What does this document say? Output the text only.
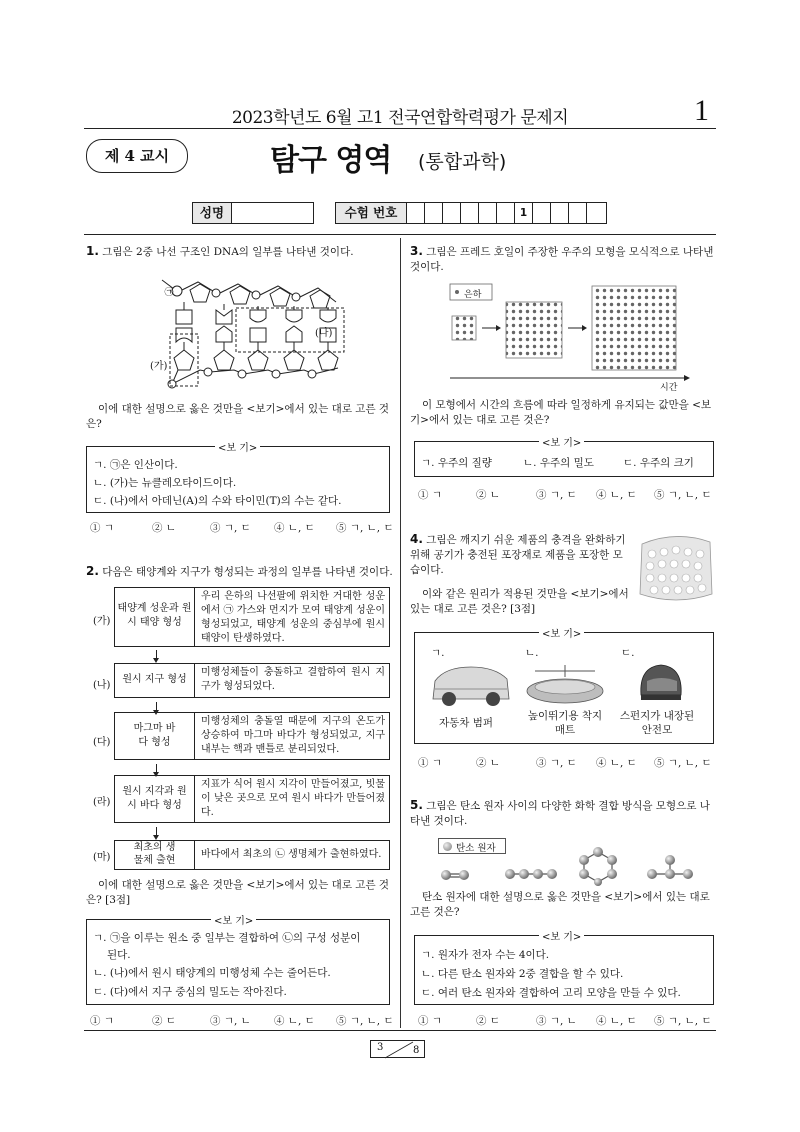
2023학년도 6월 고1 전국연합학력평가 문제지	1
제 4 교시	탐구 영역 (통합과학)
성명	수험 번호	1
1. 그림은 2중 나선 구조인 DNA의 일부를 나타낸 것이다.
㉠
(나)
(가)
이에 대한 설명으로 옳은 것만을 <보기>에서 있는 대로 고른 것은?
<보 기>
ㄱ. ㉠은 인산이다.
ㄴ. (가)는 뉴클레오타이드이다.
ㄷ. (나)에서 아데닌(A)의 수와 타이민(T)의 수는 같다.
① ㄱ	② ㄴ	③ ㄱ, ㄷ ④ ㄴ, ㄷ ⑤ ㄱ, ㄴ, ㄷ
2. 다음은 태양계와 지구가 형성되는 과정의 일부를 나타낸 것이다.
(가)
태양계 성운과 원시 태양 형성
우리 은하의 나선팔에 위치한 거대한 성운에서 ㉠ 가스와 먼지가 모여 태양계 성운이 형성되었고, 태양계 성운의 중심부에 원시 태양이 탄생하였다.
(나)
원시 지구 형성
미행성체들이 충돌하고 결합하여 원시 지구가 형성되었다.
(다)
마그마 바다 형성
미행성체의 충돌열 때문에 지구의 온도가 상승하여 마그마 바다가 형성되었고, 지구 내부는 핵과 맨틀로 분리되었다.
(라)
원시 지각과 원시 바다 형성
지표가 식어 원시 지각이 만들어졌고, 빗물이 낮은 곳으로 모여 원시 바다가 만들어졌다.
(마)
최초의 생물체 출현
바다에서 최초의 ㉡ 생명체가 출현하였다.
이에 대한 설명으로 옳은 것만을 <보기>에서 있는 대로 고른 것은? [3점]
<보 기>
ㄱ. ㉠을 이루는 원소 중 일부는 결합하여 ㉡의 구성 성분이
된다.
ㄴ. (나)에서 원시 태양계의 미행성체 수는 줄어든다.
ㄷ. (다)에서 지구 중심의 밀도는 작아진다.
① ㄱ	② ㄷ	③ ㄱ, ㄴ ④ ㄴ, ㄷ ⑤ ㄱ, ㄴ, ㄷ
3. 그림은 프레드 호일이 주장한 우주의 모형을 모식적으로 나타낸 것이다.
은하
시간
이 모형에서 시간의 흐름에 따라 일정하게 유지되는 값만을 <보기>에서 있는 대로 고른 것은?
<보 기>
ㄱ. 우주의 질량	ㄴ. 우주의 밀도	ㄷ. 우주의 크기
① ㄱ	② ㄴ	③ ㄱ, ㄷ ④ ㄴ, ㄷ ⑤ ㄱ, ㄴ, ㄷ
4. 그림은 깨지기 쉬운 제품의 충격을 완화하기 위해 공기가 충전된 포장재로 제품을 포장한 모습이다.
이와 같은 원리가 적용된 것만을 <보기>에서 있는 대로 고른 것은? [3점]
<보 기>
ㄱ.	ㄴ.	ㄷ.
자동차 범퍼
높이뛰기용 착지 매트
스펀지가 내장된 안전모
① ㄱ	② ㄴ	③ ㄱ, ㄷ ④ ㄴ, ㄷ ⑤ ㄱ, ㄴ, ㄷ
5. 그림은 탄소 원자 사이의 다양한 화학 결합 방식을 모형으로 나타낸 것이다.
탄소 원자
탄소 원자에 대한 설명으로 옳은 것만을 <보기>에서 있는 대로 고른 것은?
<보 기>
ㄱ. 원자가 전자 수는 4이다.
ㄴ. 다른 탄소 원자와 2중 결합을 할 수 있다.
ㄷ. 여러 탄소 원자와 결합하여 고리 모양을 만들 수 있다.
① ㄱ	② ㄷ	③ ㄱ, ㄴ ④ ㄴ, ㄷ ⑤ ㄱ, ㄴ, ㄷ
3	8
